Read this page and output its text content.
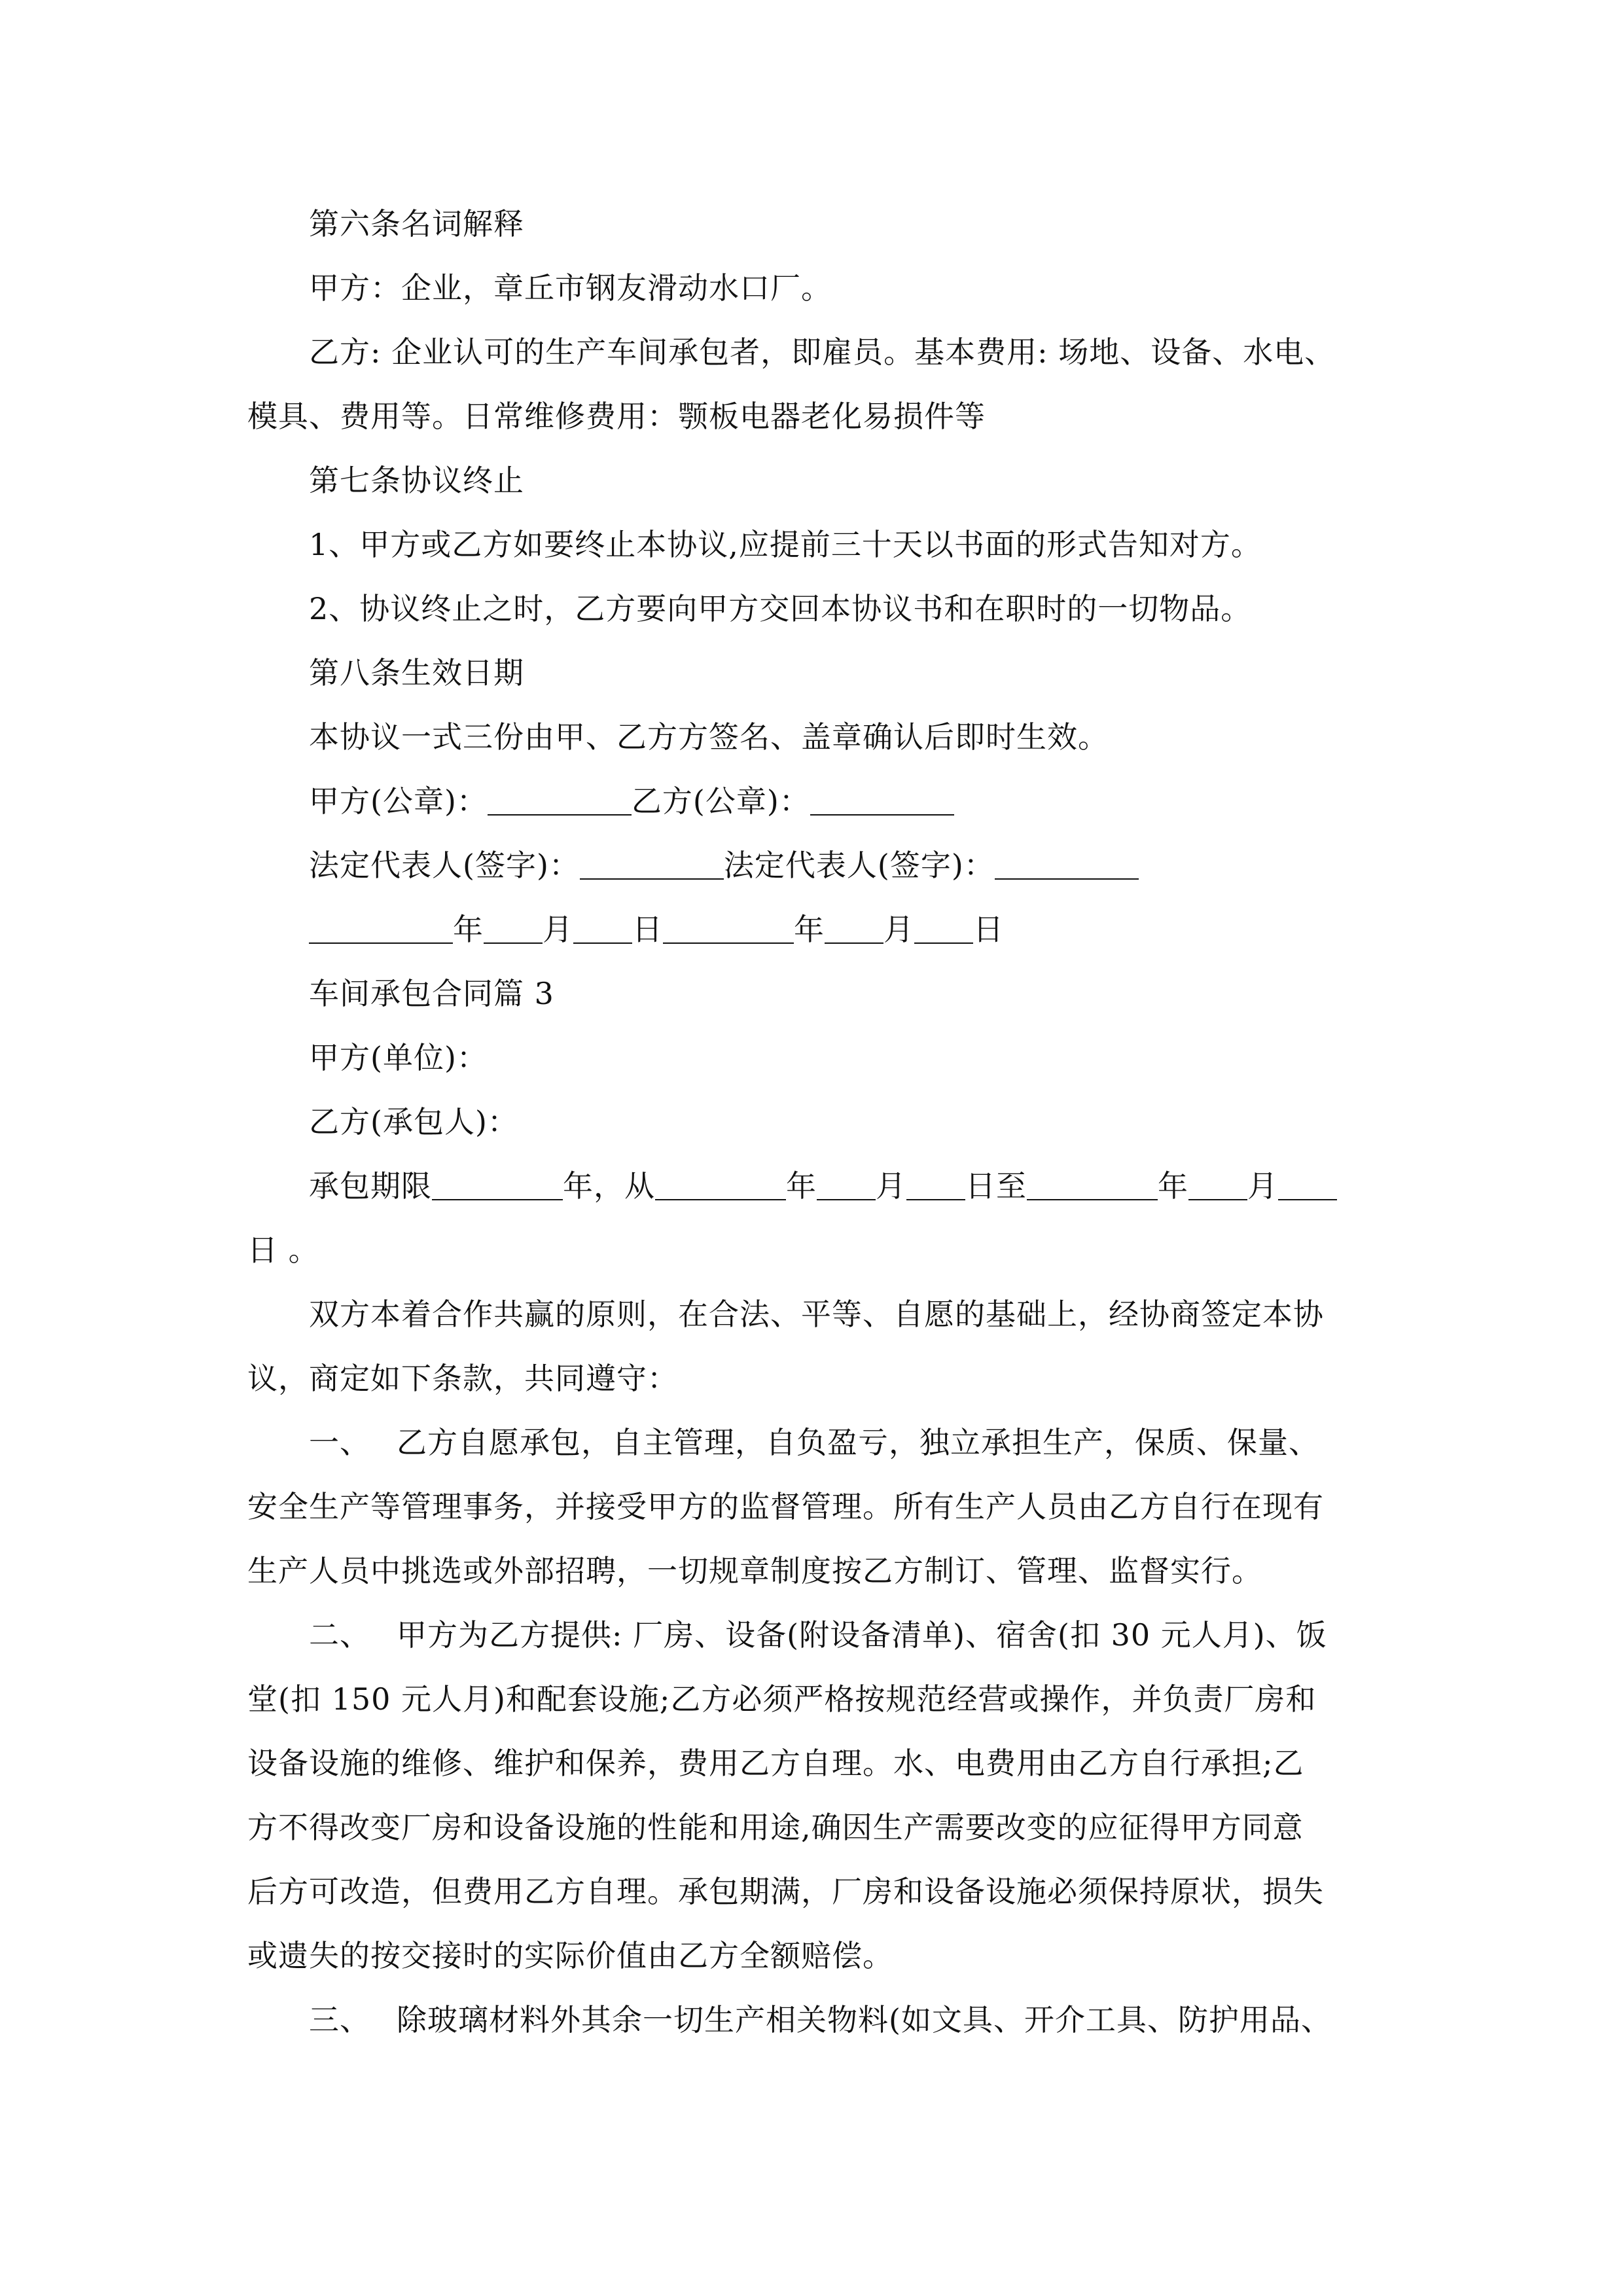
第六条名词解释
甲方：企业，章丘市钢友滑动水口厂。
乙方: 企业认可的生产车间承包者，即雇员。基本费用: 场地、设备、水电、
模具、费用等。日常维修费用：颚板电器老化易损件等
第七条协议终止
1、甲方或乙方如要终止本协议,应提前三十天以书面的形式告知对方。
2、协议终止之时，乙方要向甲方交回本协议书和在职时的一切物品。
第八条生效日期
本协议一式三份由甲、乙方方签名、盖章确认后即时生效。
甲方(公章)：	乙方(公章)：
法定代表人(签字)：	法定代表人(签字)：
年 月 日	年 月 日
车间承包合同篇 3
甲方(单位)：
乙方(承包人)：
承包期限	年，从	年 月 日至	年 月
日 。
双方本着合作共赢的原则，在合法、平等、自愿的基础上，经协商签定本协
议，商定如下条款，共同遵守：
一、 乙方自愿承包，自主管理，自负盈亏，独立承担生产，保质、保量、
安全生产等管理事务，并接受甲方的监督管理。所有生产人员由乙方自行在现有
生产人员中挑选或外部招聘，一切规章制度按乙方制订、管理、监督实行。
二、 甲方为乙方提供: 厂房、设备(附设备清单)、宿舍(扣 30 元人月)、饭
堂(扣 150 元人月)和配套设施;乙方必须严格按规范经营或操作，并负责厂房和
设备设施的维修、维护和保养，费用乙方自理。水、电费用由乙方自行承担;乙
方不得改变厂房和设备设施的性能和用途,确因生产需要改变的应征得甲方同意
后方可改造，但费用乙方自理。承包期满，厂房和设备设施必须保持原状，损失
或遗失的按交接时的实际价值由乙方全额赔偿。
三、 除玻璃材料外其余一切生产相关物料(如文具、开介工具、防护用品、
